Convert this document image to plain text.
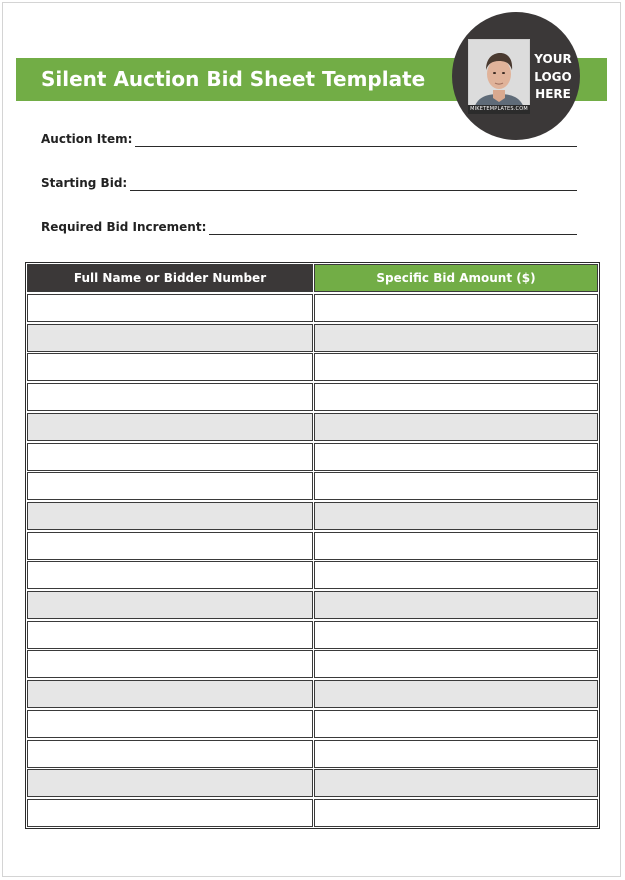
Silent Auction Bid Sheet Template
MIKETEMPLATES.COM
YOUR
LOGO
HERE
Auction Item:
Starting Bid:
Required Bid Increment:
Full Name or Bidder Number	Specific Bid Amount ($)
